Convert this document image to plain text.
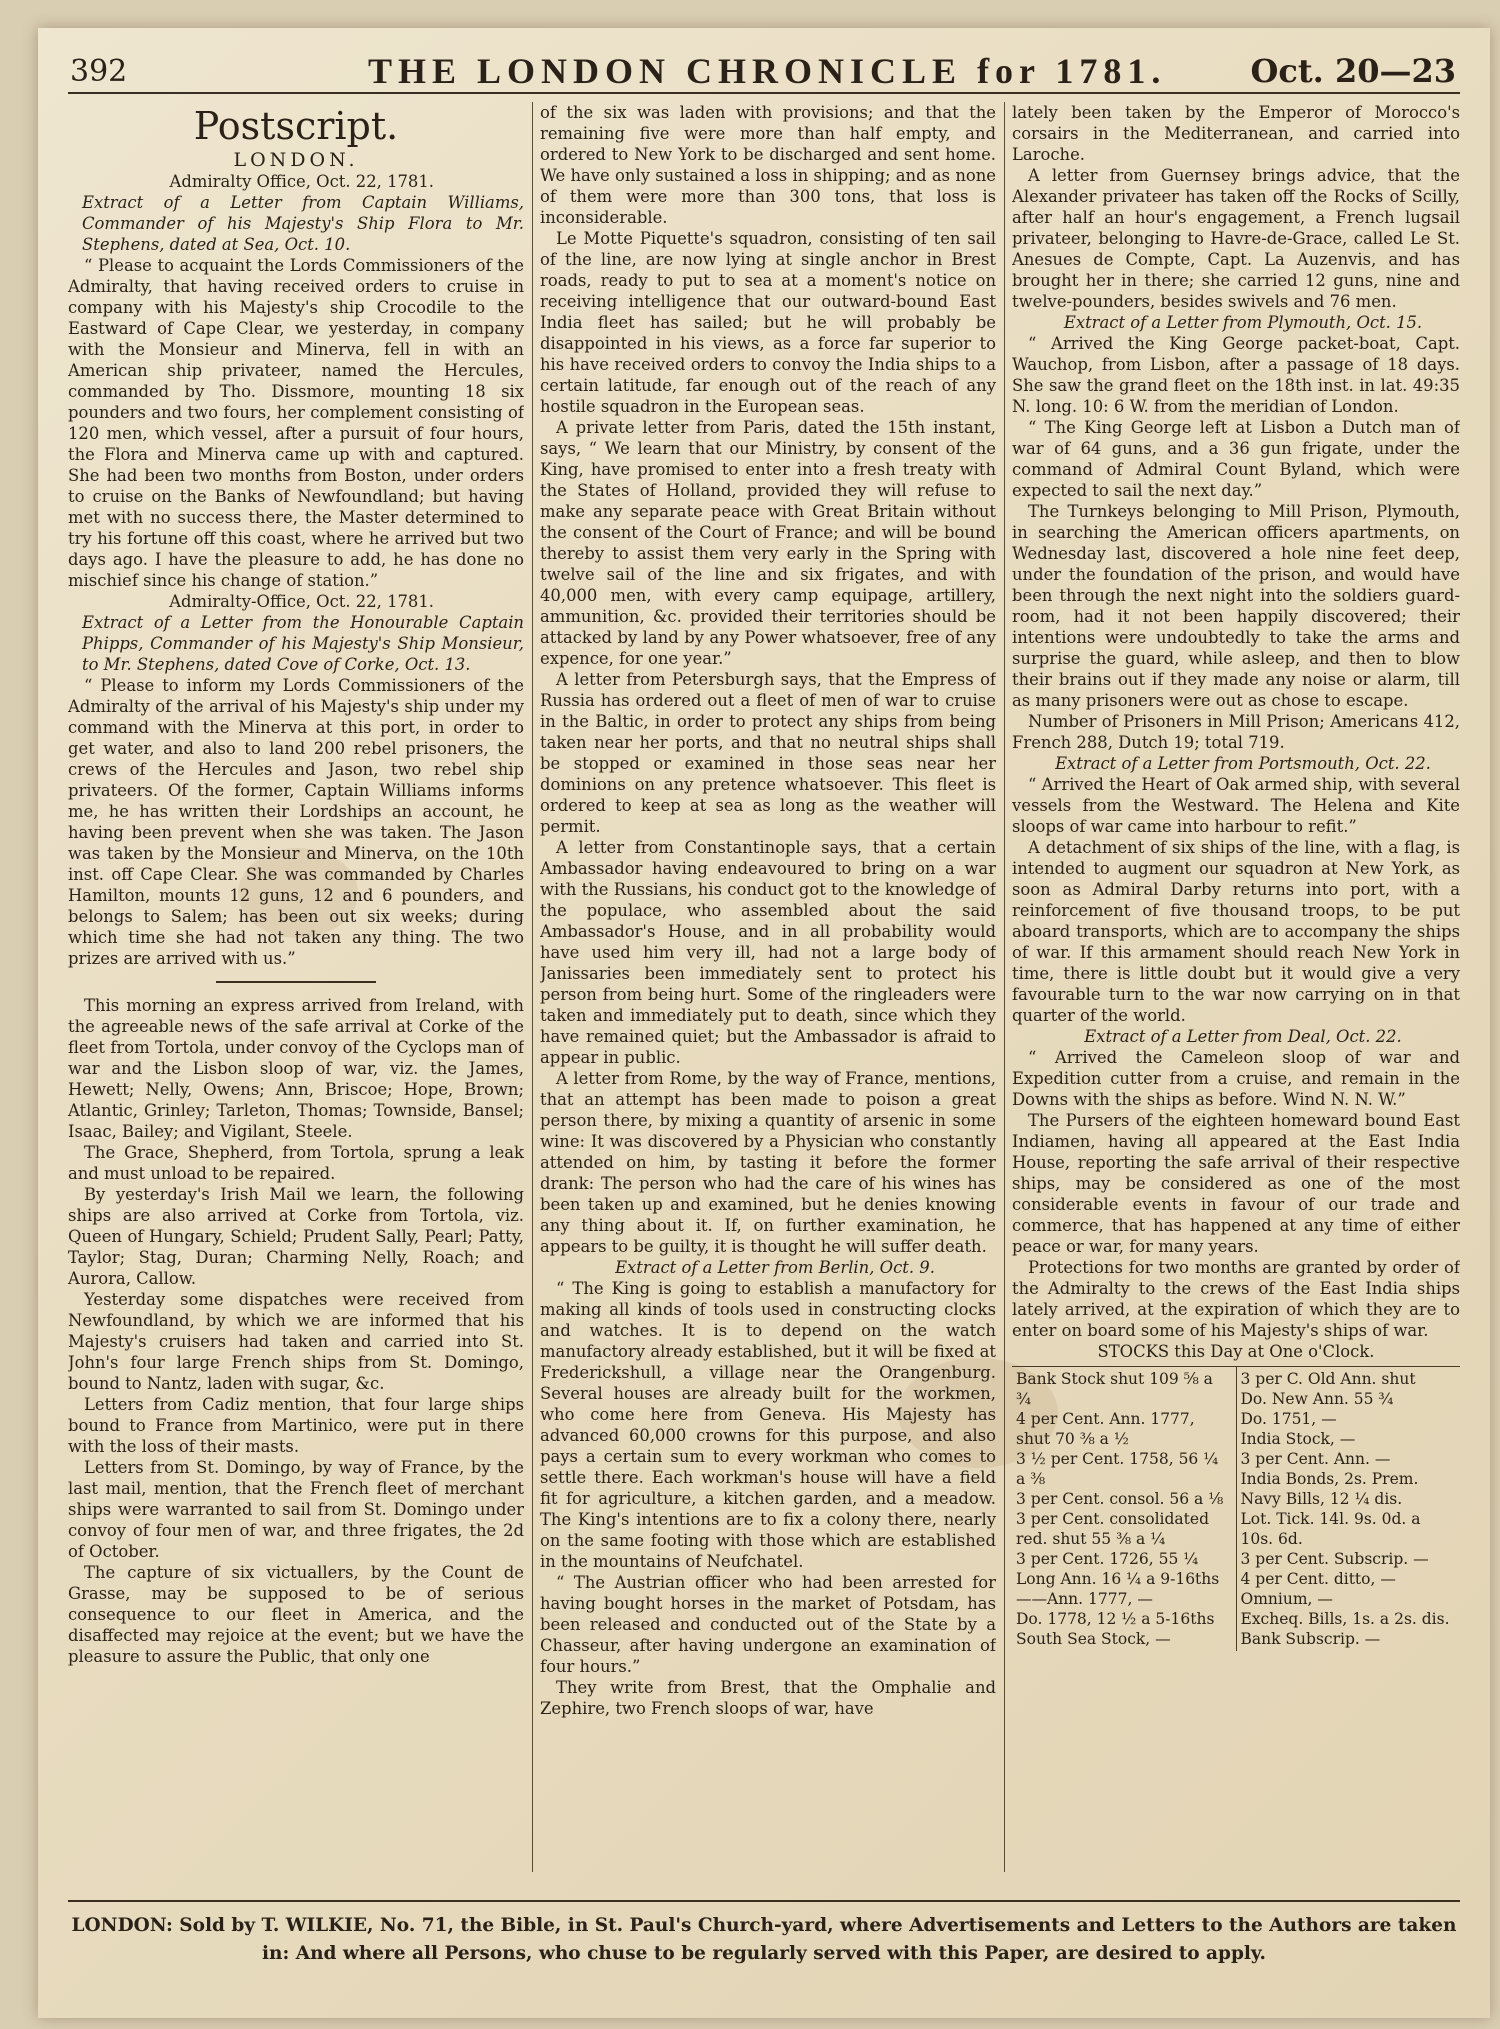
392	THE LONDON CHRONICLE for 1781.	Oct. 20—23

Postscript.

LONDON.

Admiralty Office, Oct. 22, 1781.

Extract of a Letter from Captain Williams, Commander of his Majesty's Ship Flora to Mr. Stephens, dated at Sea, Oct. 10.

“ Please to acquaint the Lords Commissioners of the Admiralty, that having received orders to cruise in company with his Majesty's ship Crocodile to the Eastward of Cape Clear, we yesterday, in company with the Monsieur and Minerva, fell in with an American ship privateer, named the Hercules, commanded by Tho. Dissmore, mounting 18 six pounders and two fours, her complement consisting of 120 men, which vessel, after a pursuit of four hours, the Flora and Minerva came up with and captured. She had been two months from Boston, under orders to cruise on the Banks of Newfoundland; but having met with no success there, the Master determined to try his fortune off this coast, where he arrived but two days ago. I have the pleasure to add, he has done no mischief since his change of station.”

Admiralty-Office, Oct. 22, 1781.

Extract of a Letter from the Honourable Captain Phipps, Commander of his Majesty's Ship Monsieur, to Mr. Stephens, dated Cove of Corke, Oct. 13.

“ Please to inform my Lords Commissioners of the Admiralty of the arrival of his Majesty's ship under my command with the Minerva at this port, in order to get water, and also to land 200 rebel prisoners, the crews of the Hercules and Jason, two rebel ship privateers. Of the former, Captain Williams informs me, he has written their Lordships an account, he having been prevent when she was taken. The Jason was taken by the Monsieur and Minerva, on the 10th inst. off Cape Clear. She was commanded by Charles Hamilton, mounts 12 guns, 12 and 6 pounders, and belongs to Salem; has been out six weeks; during which time she had not taken any thing. The two prizes are arrived with us.”

This morning an express arrived from Ireland, with the agreeable news of the safe arrival at Corke of the fleet from Tortola, under convoy of the Cyclops man of war and the Lisbon sloop of war, viz. the James, Hewett; Nelly, Owens; Ann, Briscoe; Hope, Brown; Atlantic, Grinley; Tarleton, Thomas; Townside, Bansel; Isaac, Bailey; and Vigilant, Steele.

The Grace, Shepherd, from Tortola, sprung a leak and must unload to be repaired.

By yesterday's Irish Mail we learn, the following ships are also arrived at Corke from Tortola, viz. Queen of Hungary, Schield; Prudent Sally, Pearl; Patty, Taylor; Stag, Duran; Charming Nelly, Roach; and Aurora, Callow.

Yesterday some dispatches were received from Newfoundland, by which we are informed that his Majesty's cruisers had taken and carried into St. John's four large French ships from St. Domingo, bound to Nantz, laden with sugar, &c.

Letters from Cadiz mention, that four large ships bound to France from Martinico, were put in there with the loss of their masts.

Letters from St. Domingo, by way of France, by the last mail, mention, that the French fleet of merchant ships were warranted to sail from St. Domingo under convoy of four men of war, and three frigates, the 2d of October.

The capture of six victuallers, by the Count de Grasse, may be supposed to be of serious consequence to our fleet in America, and the disaffected may rejoice at the event; but we have the pleasure to assure the Public, that only one

of the six was laden with provisions; and that the remaining five were more than half empty, and ordered to New York to be discharged and sent home. We have only sustained a loss in shipping; and as none of them were more than 300 tons, that loss is inconsiderable.

Le Motte Piquette's squadron, consisting of ten sail of the line, are now lying at single anchor in Brest roads, ready to put to sea at a moment's notice on receiving intelligence that our outward-bound East India fleet has sailed; but he will probably be disappointed in his views, as a force far superior to his have received orders to convoy the India ships to a certain latitude, far enough out of the reach of any hostile squadron in the European seas.

A private letter from Paris, dated the 15th instant, says, “ We learn that our Ministry, by consent of the King, have promised to enter into a fresh treaty with the States of Holland, provided they will refuse to make any separate peace with Great Britain without the consent of the Court of France; and will be bound thereby to assist them very early in the Spring with twelve sail of the line and six frigates, and with 40,000 men, with every camp equipage, artillery, ammunition, &c. provided their territories should be attacked by land by any Power whatsoever, free of any expence, for one year.”

A letter from Petersburgh says, that the Empress of Russia has ordered out a fleet of men of war to cruise in the Baltic, in order to protect any ships from being taken near her ports, and that no neutral ships shall be stopped or examined in those seas near her dominions on any pretence whatsoever. This fleet is ordered to keep at sea as long as the weather will permit.

A letter from Constantinople says, that a certain Ambassador having endeavoured to bring on a war with the Russians, his conduct got to the knowledge of the populace, who assembled about the said Ambassador's House, and in all probability would have used him very ill, had not a large body of Janissaries been immediately sent to protect his person from being hurt. Some of the ringleaders were taken and immediately put to death, since which they have remained quiet; but the Ambassador is afraid to appear in public.

A letter from Rome, by the way of France, mentions, that an attempt has been made to poison a great person there, by mixing a quantity of arsenic in some wine: It was discovered by a Physician who constantly attended on him, by tasting it before the former drank: The person who had the care of his wines has been taken up and examined, but he denies knowing any thing about it. If, on further examination, he appears to be guilty, it is thought he will suffer death.

Extract of a Letter from Berlin, Oct. 9.

“ The King is going to establish a manufactory for making all kinds of tools used in constructing clocks and watches. It is to depend on the watch manufactory already established, but it will be fixed at Frederickshull, a village near the Orangenburg. Several houses are already built for the workmen, who come here from Geneva. His Majesty has advanced 60,000 crowns for this purpose, and also pays a certain sum to every workman who comes to settle there. Each workman's house will have a field fit for agriculture, a kitchen garden, and a meadow. The King's intentions are to fix a colony there, nearly on the same footing with those which are established in the mountains of Neufchatel.

“ The Austrian officer who had been arrested for having bought horses in the market of Potsdam, has been released and conducted out of the State by a Chasseur, after having undergone an examination of four hours.”

They write from Brest, that the Omphalie and Zephire, two French sloops of war, have

lately been taken by the Emperor of Morocco's corsairs in the Mediterranean, and carried into Laroche.

A letter from Guernsey brings advice, that the Alexander privateer has taken off the Rocks of Scilly, after half an hour's engagement, a French lugsail privateer, belonging to Havre-de-Grace, called Le St. Anesues de Compte, Capt. La Auzenvis, and has brought her in there; she carried 12 guns, nine and twelve-pounders, besides swivels and 76 men.

Extract of a Letter from Plymouth, Oct. 15.

“ Arrived the King George packet-boat, Capt. Wauchop, from Lisbon, after a passage of 18 days. She saw the grand fleet on the 18th inst. in lat. 49:35 N. long. 10: 6 W. from the meridian of London.

“ The King George left at Lisbon a Dutch man of war of 64 guns, and a 36 gun frigate, under the command of Admiral Count Byland, which were expected to sail the next day.”

The Turnkeys belonging to Mill Prison, Plymouth, in searching the American officers apartments, on Wednesday last, discovered a hole nine feet deep, under the foundation of the prison, and would have been through the next night into the soldiers guard-room, had it not been happily discovered; their intentions were undoubtedly to take the arms and surprise the guard, while asleep, and then to blow their brains out if they made any noise or alarm, till as many prisoners were out as chose to escape.

Number of Prisoners in Mill Prison; Americans 412, French 288, Dutch 19; total 719.

Extract of a Letter from Portsmouth, Oct. 22.

“ Arrived the Heart of Oak armed ship, with several vessels from the Westward. The Helena and Kite sloops of war came into harbour to refit.”

A detachment of six ships of the line, with a flag, is intended to augment our squadron at New York, as soon as Admiral Darby returns into port, with a reinforcement of five thousand troops, to be put aboard transports, which are to accompany the ships of war. If this armament should reach New York in time, there is little doubt but it would give a very favourable turn to the war now carrying on in that quarter of the world.

Extract of a Letter from Deal, Oct. 22.

“ Arrived the Cameleon sloop of war and Expedition cutter from a cruise, and remain in the Downs with the ships as before. Wind N. N. W.”

The Pursers of the eighteen homeward bound East Indiamen, having all appeared at the East India House, reporting the safe arrival of their respective ships, may be considered as one of the most considerable events in favour of our trade and commerce, that has happened at any time of either peace or war, for many years.

Protections for two months are granted by order of the Admiralty to the crews of the East India ships lately arrived, at the expiration of which they are to enter on board some of his Majesty's ships of war.

STOCKS this Day at One o'Clock.

Bank Stock shut 109 ⅝ a ¾
4 per Cent. Ann. 1777, shut 70 ⅜ a ½
3 ½ per Cent. 1758, 56 ¼ a ⅜
3 per Cent. consol. 56 a ⅛
3 per Cent. consolidated red. shut 55 ⅜ a ¼
3 per Cent. 1726, 55 ¼
Long Ann. 16 ¼ a 9-16ths
——Ann. 1777, —
Do. 1778, 12 ½ a 5-16ths
South Sea Stock, —
3 per C. Old Ann. shut
Do. New Ann. 55 ¾
Do. 1751, —
India Stock, —
3 per Cent. Ann. —
India Bonds, 2s. Prem.
Navy Bills, 12 ¼ dis.
Lot. Tick. 14l. 9s. 0d. a 10s. 6d.
3 per Cent. Subscrip. —
4 per Cent. ditto, —
Omnium, —
Excheq. Bills, 1s. a 2s. dis.
Bank Subscrip. —
LONDON: Sold by T. WILKIE, No. 71, the Bible, in St. Paul's Church-yard, where Advertisements and Letters to the Authors are taken in: And where all Persons, who chuse to be regularly served with this Paper, are desired to apply.
